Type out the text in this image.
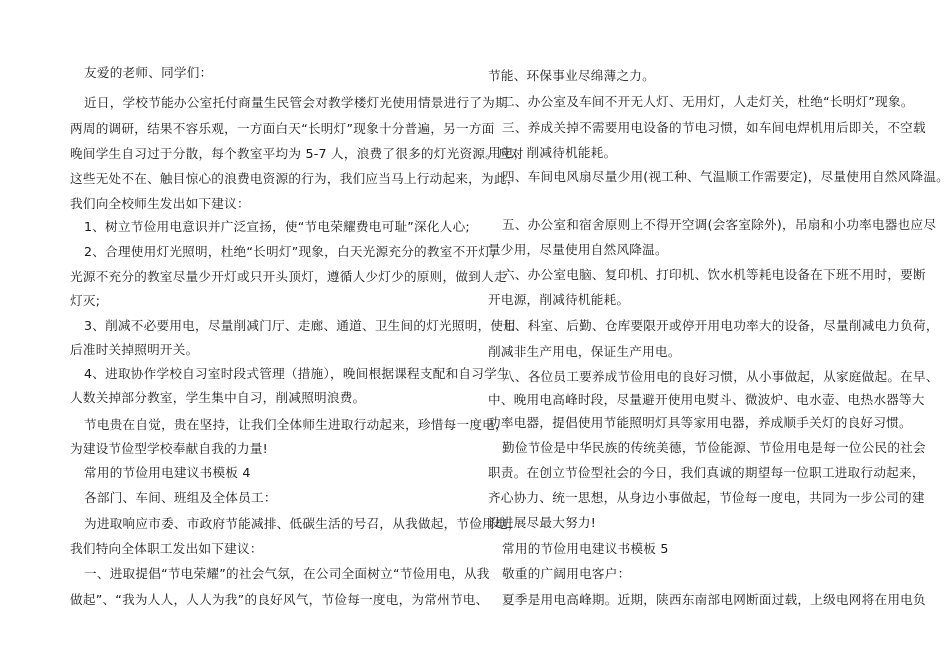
友爱的老师、同学们：
近日，学校节能办公室托付商量生民管会对教学楼灯光使用情景进行了为期
两周的调研，结果不容乐观，一方面白天“长明灯”现象十分普遍，另一方面
晚间学生自习过于分散，每个教室平均为 5-7 人，浪费了很多的灯光资源。应对
这些无处不在、触目惊心的浪费电资源的行为，我们应当马上行动起来，为此，
我们向全校师生发出如下建议：
1、树立节俭用电意识并广泛宣扬，使“节电荣耀费电可耻”深化人心;
2、合理使用灯光照明，杜绝“长明灯”现象，白天光源充分的教室不开灯，
光源不充分的教室尽量少开灯或只开头顶灯，遵循人少灯少的原则，做到人走
灯灭;
3、削减不必要用电，尽量削减门厅、走廊、通道、卫生间的灯光照明，使用
后准时关掉照明开关。
4、进取协作学校自习室时段式管理（措施），晚间根据课程支配和自习学生
人数关掉部分教室，学生集中自习，削减照明浪费。
节电贵在自觉，贵在坚持，让我们全体师生进取行动起来，珍惜每一度电，
为建设节俭型学校奉献自我的力量!
常用的节俭用电建议书模板 4
各部门、车间、班组及全体员工：
为进取响应市委、市政府节能减排、低碳生活的号召，从我做起，节俭用电，
我们特向全体职工发出如下建议：
一、进取提倡“节电荣耀”的社会气氛，在公司全面树立“节俭用电，从我
做起”、“我为人人，人人为我”的良好风气，节俭每一度电，为常州节电、
节能、环保事业尽绵薄之力。
二、办公室及车间不开无人灯、无用灯，人走灯关，杜绝“长明灯”现象。
三、养成关掉不需要用电设备的节电习惯，如车间电焊机用后即关，不空载
用电，削减待机能耗。
四、车间电风扇尽量少用(视工种、气温顺工作需要定)，尽量使用自然风降温。
五、办公室和宿舍原则上不得开空调(会客室除外)，吊扇和小功率电器也应尽
量少用，尽量使用自然风降温。
六、办公室电脑、复印机、打印机、饮水机等耗电设备在下班不用时，要断
开电源，削减待机能耗。
七、科室、后勤、仓库要限开或停开用电功率大的设备，尽量削减电力负荷，
削减非生产用电，保证生产用电。
八、各位员工要养成节俭用电的良好习惯，从小事做起，从家庭做起。在早、
中、晚用电高峰时段，尽量避开使用电熨斗、微波炉、电水壶、电热水器等大
功率电器，提倡使用节能照明灯具等家用电器，养成顺手关灯的良好习惯。
勤俭节俭是中华民族的传统美德，节俭能源、节俭用电是每一位公民的社会
职责。在创立节俭型社会的今日，我们真诚的期望每一位职工进取行动起来，
齐心协力、统一思想，从身边小事做起，节俭每一度电，共同为一步公司的建
设进展尽最大努力!
常用的节俭用电建议书模板 5
敬重的广阔用电客户：
夏季是用电高峰期。近期，陕西东南部电网断面过载，上级电网将在用电负
